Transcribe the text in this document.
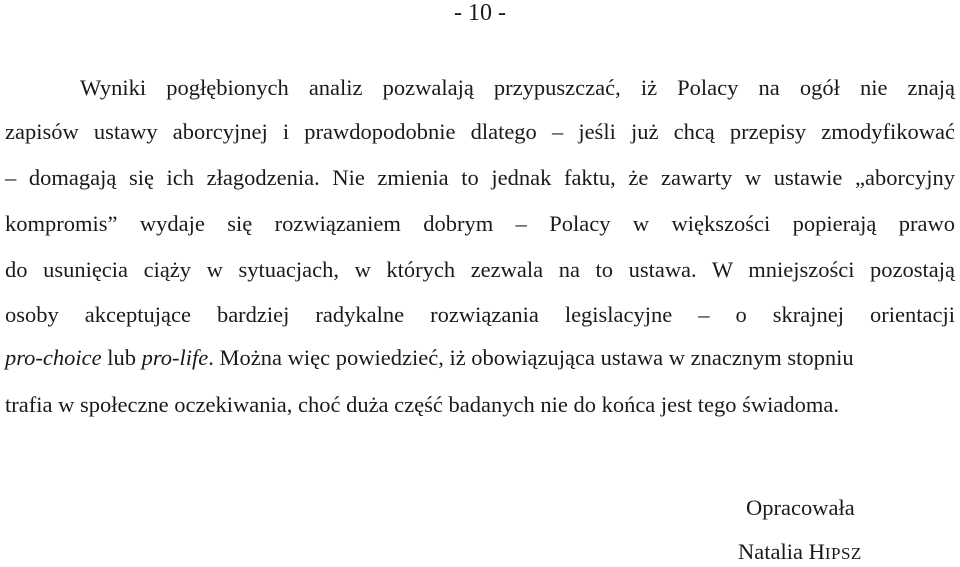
- 10 -
Wyniki pogłębionych analiz pozwalają przypuszczać, iż Polacy na ogół nie znają
zapisów ustawy aborcyjnej i prawdopodobnie dlatego – jeśli już chcą przepisy zmodyfikować
– domagają się ich złagodzenia. Nie zmienia to jednak faktu, że zawarty w ustawie „aborcyjny
kompromis” wydaje się rozwiązaniem dobrym – Polacy w większości popierają prawo
do usunięcia ciąży w sytuacjach, w których zezwala na to ustawa. W mniejszości pozostają
osoby akceptujące bardziej radykalne rozwiązania legislacyjne – o skrajnej orientacji
pro-choice lub pro-life. Można więc powiedzieć, iż obowiązująca ustawa w znacznym stopniu
trafia w społeczne oczekiwania, choć duża część badanych nie do końca jest tego świadoma.
Opracowała
Natalia HIPSZ
